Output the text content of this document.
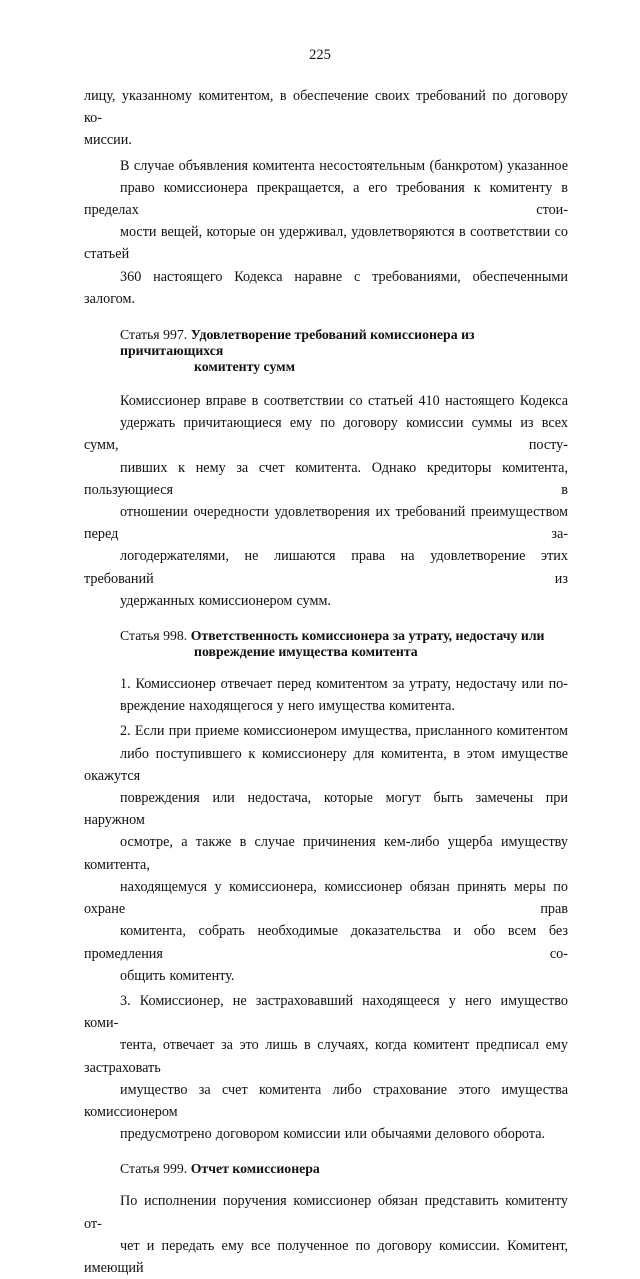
225

лицу, указанному комитентом, в обеспечение своих требований по договору ко-
миссии.

В случае объявления комитента несостоятельным (банкротом) указанное
право комиссионера прекращается, а его требования к комитенту в пределах стои-
мости вещей, которые он удерживал, удовлетворяются в соответствии со статьей
360 настоящего Кодекса наравне с требованиями, обеспеченными залогом.

Статья 997. Удовлетворение требований комиссионера из причитающихся
комитенту сумм

Комиссионер вправе в соответствии со статьей 410 настоящего Кодекса
удержать причитающиеся ему по договору комиссии суммы из всех сумм, посту-
пивших к нему за счет комитента. Однако кредиторы комитента, пользующиеся в
отношении очередности удовлетворения их требований преимуществом перед за-
логодержателями, не лишаются права на удовлетворение этих требований из
удержанных комиссионером сумм.

Статья 998. Ответственность комиссионера за утрату, недостачу или
повреждение имущества комитента

1. Комиссионер отвечает перед комитентом за утрату, недостачу или по-
вреждение находящегося у него имущества комитента.

2. Если при приеме комиссионером имущества, присланного комитентом
либо поступившего к комиссионеру для комитента, в этом имуществе окажутся
повреждения или недостача, которые могут быть замечены при наружном
осмотре, а также в случае причинения кем-либо ущерба имуществу комитента,
находящемуся у комиссионера, комиссионер обязан принять меры по охране прав
комитента, собрать необходимые доказательства и обо всем без промедления со-
общить комитенту.

3. Комиссионер, не застраховавший находящееся у него имущество коми-
тента, отвечает за это лишь в случаях, когда комитент предписал ему застраховать
имущество за счет комитента либо страхование этого имущества комиссионером
предусмотрено договором комиссии или обычаями делового оборота.

Статья 999. Отчет комиссионера

По исполнении поручения комиссионер обязан представить комитенту от-
чет и передать ему все полученное по договору комиссии. Комитент, имеющий
